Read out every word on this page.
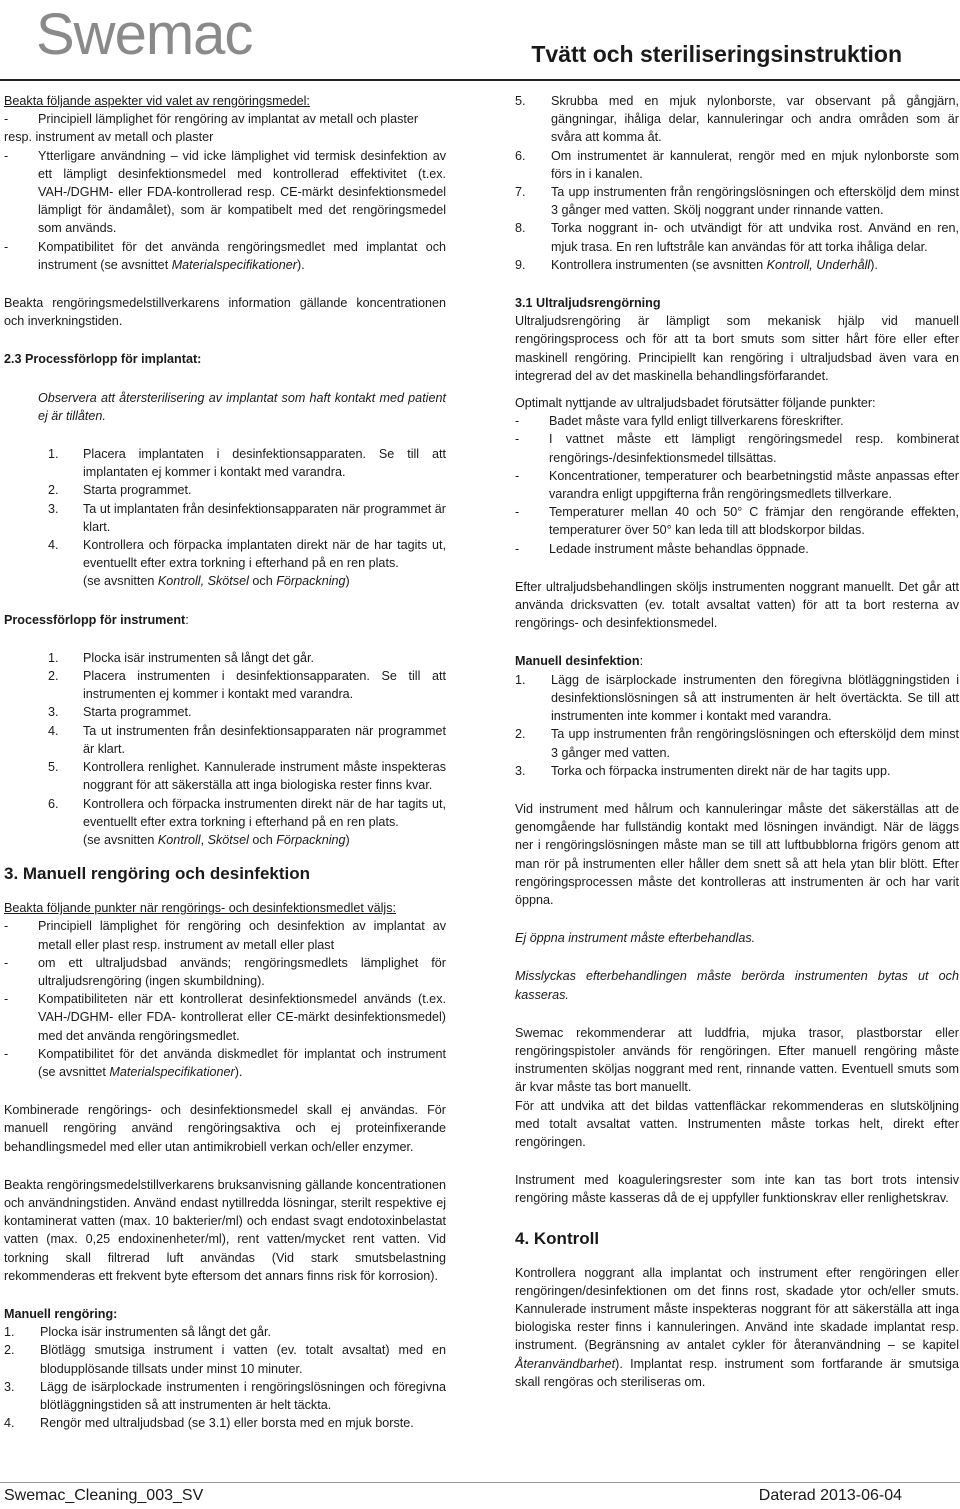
Swemac	Tvätt och steriliseringsinstruktion

Beakta följande aspekter vid valet av rengöringsmedel:

- Principiell lämplighet för rengöring av implantat av metall och plaster

resp. instrument av metall och plaster

- Ytterligare användning – vid icke lämplighet vid termisk desinfektion av ett lämpligt desinfektionsmedel med kontrollerad effektivitet (t.ex. VAH-/DGHM- eller FDA-kontrollerad resp. CE-märkt desinfektionsmedel lämpligt för ändamålet), som är kompatibelt med det rengöringsmedel som används.
- Kompatibilitet för det använda rengöringsmedlet med implantat och instrument (se avsnittet Materialspecifikationer).

Beakta rengöringsmedelstillverkarens information gällande koncentrationen och inverkningstiden.

2.3 Processförlopp för implantat:

Observera att återsterilisering av implantat som haft kontakt med patient ej är tillåten.

1. Placera implantaten i desinfektionsapparaten. Se till att implantaten ej kommer i kontakt med varandra.
2. Starta programmet.
3. Ta ut implantaten från desinfektionsapparaten när programmet är klart.
4. Kontrollera och förpacka implantaten direkt när de har tagits ut, eventuellt efter extra torkning i efterhand på en ren plats.

(se avsnitten Kontroll, Skötsel och Förpackning)

Processförlopp för instrument:

1. Plocka isär instrumenten så långt det går.
2. Placera instrumenten i desinfektionsapparaten. Se till att instrumenten ej kommer i kontakt med varandra.
3. Starta programmet.
4. Ta ut instrumenten från desinfektionsapparaten när programmet är klart.
5. Kontrollera renlighet. Kannulerade instrument måste inspekteras noggrant för att säkerställa att inga biologiska rester finns kvar.
6. Kontrollera och förpacka instrumenten direkt när de har tagits ut, eventuellt efter extra torkning i efterhand på en ren plats.

(se avsnitten Kontroll, Skötsel och Förpackning)

3. Manuell rengöring och desinfektion

Beakta följande punkter när rengörings- och desinfektionsmedlet väljs:

- Principiell lämplighet för rengöring och desinfektion av implantat av metall eller plast resp. instrument av metall eller plast
- om ett ultraljudsbad används; rengöringsmedlets lämplighet för ultraljudsrengöring (ingen skumbildning).
- Kompatibiliteten när ett kontrollerat desinfektionsmedel används (t.ex. VAH-/DGHM- eller FDA- kontrollerat eller CE-märkt desinfektionsmedel) med det använda rengöringsmedlet.
- Kompatibilitet för det använda diskmedlet för implantat och instrument (se avsnittet Materialspecifikationer).

Kombinerade rengörings- och desinfektionsmedel skall ej användas. För manuell rengöring använd rengöringsaktiva och ej proteinfixerande behandlingsmedel med eller utan antimikrobiell verkan och/eller enzymer.

Beakta rengöringsmedelstillverkarens bruksanvisning gällande koncentrationen och användningstiden. Använd endast nytillredda lösningar, sterilt respektive ej kontaminerat vatten (max. 10 bakterier/ml) och endast svagt endotoxinbelastat vatten (max. 0,25 endoxinenheter/ml), rent vatten/mycket rent vatten. Vid torkning skall filtrerad luft användas (Vid stark smutsbelastning rekommenderas ett frekvent byte eftersom det annars finns risk för korrosion).

Manuell rengöring:

1. Plocka isär instrumenten så långt det går.
2. Blötlägg smutsiga instrument i vatten (ev. totalt avsaltat) med en blodupplösande tillsats under minst 10 minuter.
3. Lägg de isärplockade instrumenten i rengöringslösningen och föregivna blötläggningstiden så att instrumenten är helt täckta.
4. Rengör med ultraljudsbad (se 3.1) eller borsta med en mjuk borste.
5. Skrubba med en mjuk nylonborste, var observant på gångjärn, gängningar, ihåliga delar, kannuleringar och andra områden som är svåra att komma åt.
6. Om instrumentet är kannulerat, rengör med en mjuk nylonborste som förs in i kanalen.
7. Ta upp instrumenten från rengöringslösningen och eftersköljd dem minst 3 gånger med vatten. Skölj noggrant under rinnande vatten.
8. Torka noggrant in- och utvändigt för att undvika rost. Använd en ren, mjuk trasa. En ren luftstråle kan användas för att torka ihåliga delar.
9. Kontrollera instrumenten (se avsnitten Kontroll, Underhåll).

3.1 Ultraljudsrengörning

Ultraljudsrengöring är lämpligt som mekanisk hjälp vid manuell rengöringsprocess och för att ta bort smuts som sitter hårt före eller efter maskinell rengöring. Principiellt kan rengöring i ultraljudsbad även vara en integrerad del av det maskinella behandlingsförfarandet.

Optimalt nyttjande av ultraljudsbadet förutsätter följande punkter:

- Badet måste vara fylld enligt tillverkarens föreskrifter.
- I vattnet måste ett lämpligt rengöringsmedel resp. kombinerat rengörings-/desinfektionsmedel tillsättas.
- Koncentrationer, temperaturer och bearbetningstid måste anpassas efter varandra enligt uppgifterna från rengöringsmedlets tillverkare.
- Temperaturer mellan 40 och 50° C främjar den rengörande effekten, temperaturer över 50° kan leda till att blodskorpor bildas.
- Ledade instrument måste behandlas öppnade.

Efter ultraljudsbehandlingen sköljs instrumenten noggrant manuellt. Det går att använda dricksvatten (ev. totalt avsaltat vatten) för att ta bort resterna av rengörings- och desinfektionsmedel.

Manuell desinfektion:

1. Lägg de isärplockade instrumenten den föregivna blötläggningstiden i desinfektionslösningen så att instrumenten är helt övertäckta. Se till att instrumenten inte kommer i kontakt med varandra.
2. Ta upp instrumenten från rengöringslösningen och eftersköljd dem minst 3 gånger med vatten.
3. Torka och förpacka instrumenten direkt när de har tagits upp.

Vid instrument med hålrum och kannuleringar måste det säkerställas att de genomgående har fullständig kontakt med lösningen invändigt. När de läggs ner i rengöringslösningen måste man se till att luftbubblorna frigörs genom att man rör på instrumenten eller håller dem snett så att hela ytan blir blött. Efter rengöringsprocessen måste det kontrolleras att instrumenten är och har varit öppna.

Ej öppna instrument måste efterbehandlas.

Misslyckas efterbehandlingen måste berörda instrumenten bytas ut och kasseras.

Swemac rekommenderar att luddfria, mjuka trasor, plastborstar eller rengöringspistoler används för rengöringen. Efter manuell rengöring måste instrumenten sköljas noggrant med rent, rinnande vatten. Eventuell smuts som är kvar måste tas bort manuellt.

För att undvika att det bildas vattenfläckar rekommenderas en slutsköljning med totalt avsaltat vatten. Instrumenten måste torkas helt, direkt efter rengöringen.

Instrument med koaguleringsrester som inte kan tas bort trots intensiv rengöring måste kasseras då de ej uppfyller funktionskrav eller renlighetskrav.

4. Kontroll

Kontrollera noggrant alla implantat och instrument efter rengöringen eller rengöringen/desinfektionen om det finns rost, skadade ytor och/eller smuts. Kannulerade instrument måste inspekteras noggrant för att säkerställa att inga biologiska rester finns i kannuleringen. Använd inte skadade implantat resp. instrument. (Begränsning av antalet cykler för återanvändning – se kapitel Återanvändbarhet). Implantat resp. instrument som fortfarande är smutsiga skall rengöras och steriliseras om.

Swemac_Cleaning_003_SV	Daterad 2013-06-04
